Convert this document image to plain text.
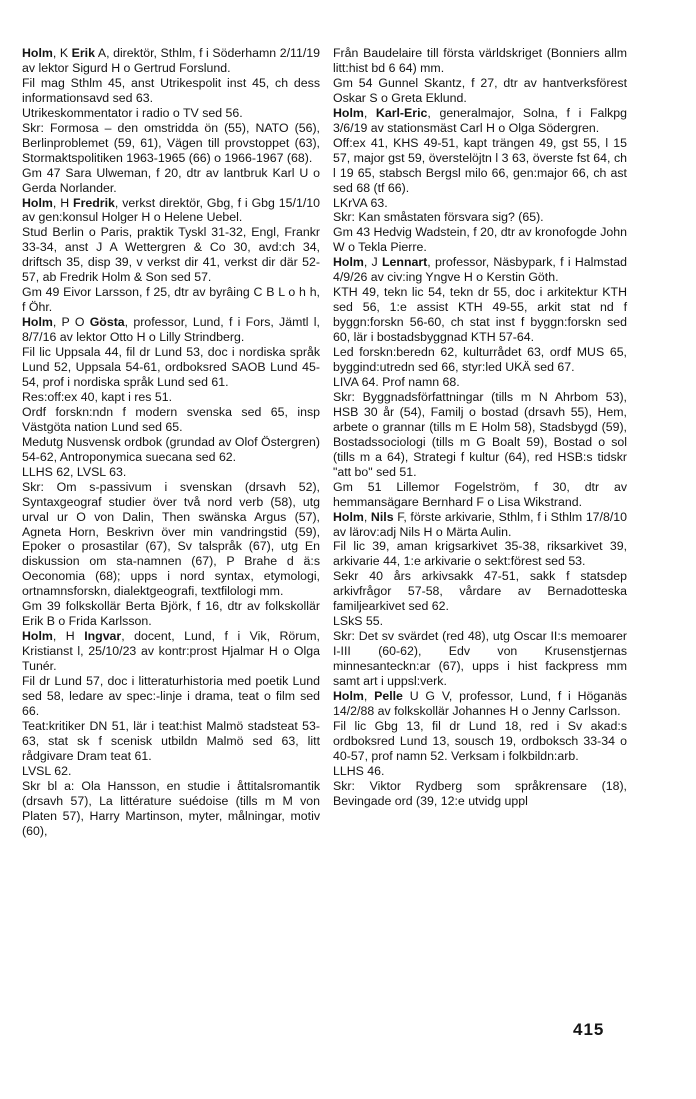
Holm, K Erik A, direktör, Sthlm, f i Söderhamn 2/11/19 av lektor Sigurd H o Gertrud Forslund.
Fil mag Sthlm 45, anst Utrikespolit inst 45, ch dess informationsavd sed 63.
Utrikeskommentator i radio o TV sed 56.
Skr: Formosa – den omstridda ön (55), NATO (56), Berlinproblemet (59, 61), Vägen till provstoppet (63), Stormaktspolitiken 1963-1965 (66) o 1966-1967 (68).
Gm 47 Sara Ulweman, f 20, dtr av lantbruk Karl U o Gerda Norlander.
Holm, H Fredrik, verkst direktör, Gbg, f i Gbg 15/1/10 av gen:konsul Holger H o Helene Uebel.
Stud Berlin o Paris, praktik Tyskl 31-32, Engl, Frankr 33-34, anst J A Wettergren & Co 30, avd:ch 34, driftsch 35, disp 39, v verkst dir 41, verkst dir där 52-57, ab Fredrik Holm & Son sed 57.
Gm 49 Eivor Larsson, f 25, dtr av byrâing C B L o h h, f Öhr.
Holm, P O Gösta, professor, Lund, f i Fors, Jämtl l, 8/7/16 av lektor Otto H o Lilly Strindberg.
Fil lic Uppsala 44, fil dr Lund 53, doc i nordiska språk Lund 52, Uppsala 54-61, ordboksred SAOB Lund 45-54, prof i nordiska språk Lund sed 61.
Res:off:ex 40, kapt i res 51.
Ordf forskn:ndn f modern svenska sed 65, insp Västgöta nation Lund sed 65.
Medutg Nusvensk ordbok (grundad av Olof Östergren) 54-62, Antroponymica suecana sed 62.
LLHS 62, LVSL 63.
Skr: Om s-passivum i svenskan (drsavh 52), Syntaxgeograf studier över två nord verb (58), utg urval ur O von Dalin, Then swänska Argus (57), Agneta Horn, Beskrivn över min vandringstid (59), Epoker o prosastilar (67), Sv talspråk (67), utg En diskussion om sta-namnen (67), P Brahe d ä:s Oeconomia (68); upps i nord syntax, etymologi, ortnamnsforskn, dialektgeografi, textfilologi mm.
Gm 39 folkskollär Berta Björk, f 16, dtr av folkskollär Erik B o Frida Karlsson.
Holm, H Ingvar, docent, Lund, f i Vik, Rörum, Kristianst l, 25/10/23 av kontr:prost Hjalmar H o Olga Tunér.
Fil dr Lund 57, doc i litteraturhistoria med poetik Lund sed 58, ledare av spec:-linje i drama, teat o film sed 66.
Teat:kritiker DN 51, lär i teat:hist Malmö stadsteat 53-63, stat sk f scenisk utbildn Malmö sed 63, litt rådgivare Dram teat 61.
LVSL 62.
Skr bl a: Ola Hansson, en studie i åttitalsromantik (drsavh 57), La littérature suédoise (tills m M von Platen 57), Harry Martinson, myter, målningar, motiv (60),
Från Baudelaire till första världskriget (Bonniers allm litt:hist bd 6 64) mm.
Gm 54 Gunnel Skantz, f 27, dtr av hantverksförest Oskar S o Greta Eklund.
Holm, Karl-Eric, generalmajor, Solna, f i Falkpg 3/6/19 av stationsmäst Carl H o Olga Södergren.
Off:ex 41, KHS 49-51, kapt trängen 49, gst 55, l 15 57, major gst 59, överstelöjtn l 3 63, överste fst 64, ch l 19 65, stabsch Bergsl milo 66, gen:major 66, ch ast sed 68 (tf 66).
LKrVA 63.
Skr: Kan småstaten försvara sig? (65).
Gm 43 Hedvig Wadstein, f 20, dtr av kronofogde John W o Tekla Pierre.
Holm, J Lennart, professor, Näsbypark, f i Halmstad 4/9/26 av civ:ing Yngve H o Kerstin Göth.
KTH 49, tekn lic 54, tekn dr 55, doc i arkitektur KTH sed 56, 1:e assist KTH 49-55, arkit stat nd f byggn:forskn 56-60, ch stat inst f byggn:forskn sed 60, lär i bostadsbyggnad KTH 57-64.
Led forskn:beredn 62, kulturrådet 63, ordf MUS 65, byggind:utredn sed 66, styr:led UKÄ sed 67.
LIVA 64. Prof namn 68.
Skr: Byggnadsförfattningar (tills m N Ahrbom 53), HSB 30 år (54), Familj o bostad (drsavh 55), Hem, arbete o grannar (tills m E Holm 58), Stadsbygd (59), Bostadssociologi (tills m G Boalt 59), Bostad o sol (tills m a 64), Strategi f kultur (64), red HSB:s tidskr "att bo" sed 51.
Gm 51 Lillemor Fogelström, f 30, dtr av hemmansägare Bernhard F o Lisa Wikstrand.
Holm, Nils F, förste arkivarie, Sthlm, f i Sthlm 17/8/10 av lärov:adj Nils H o Märta Aulin.
Fil lic 39, aman krigsarkivet 35-38, riksarkivet 39, arkivarie 44, 1:e arkivarie o sekt:förest sed 53.
Sekr 40 års arkivsakk 47-51, sakk f statsdep arkivfrågor 57-58, vårdare av Bernadotteska familjearkivet sed 62.
LSkS 55.
Skr: Det sv svärdet (red 48), utg Oscar II:s memoarer I-III (60-62), Edv von Krusenstjernas minnesanteckn:ar (67), upps i hist fackpress mm samt art i uppsl:verk.
Holm, Pelle U G V, professor, Lund, f i Höganäs 14/2/88 av folkskollär Johannes H o Jenny Carlsson.
Fil lic Gbg 13, fil dr Lund 18, red i Sv akad:s ordboksred Lund 13, sousch 19, ordboksch 33-34 o 40-57, prof namn 52. Verksam i folkbildn:arb.
LLHS 46.
Skr: Viktor Rydberg som språkrensare (18), Bevingade ord (39, 12:e utvidg uppl
415
